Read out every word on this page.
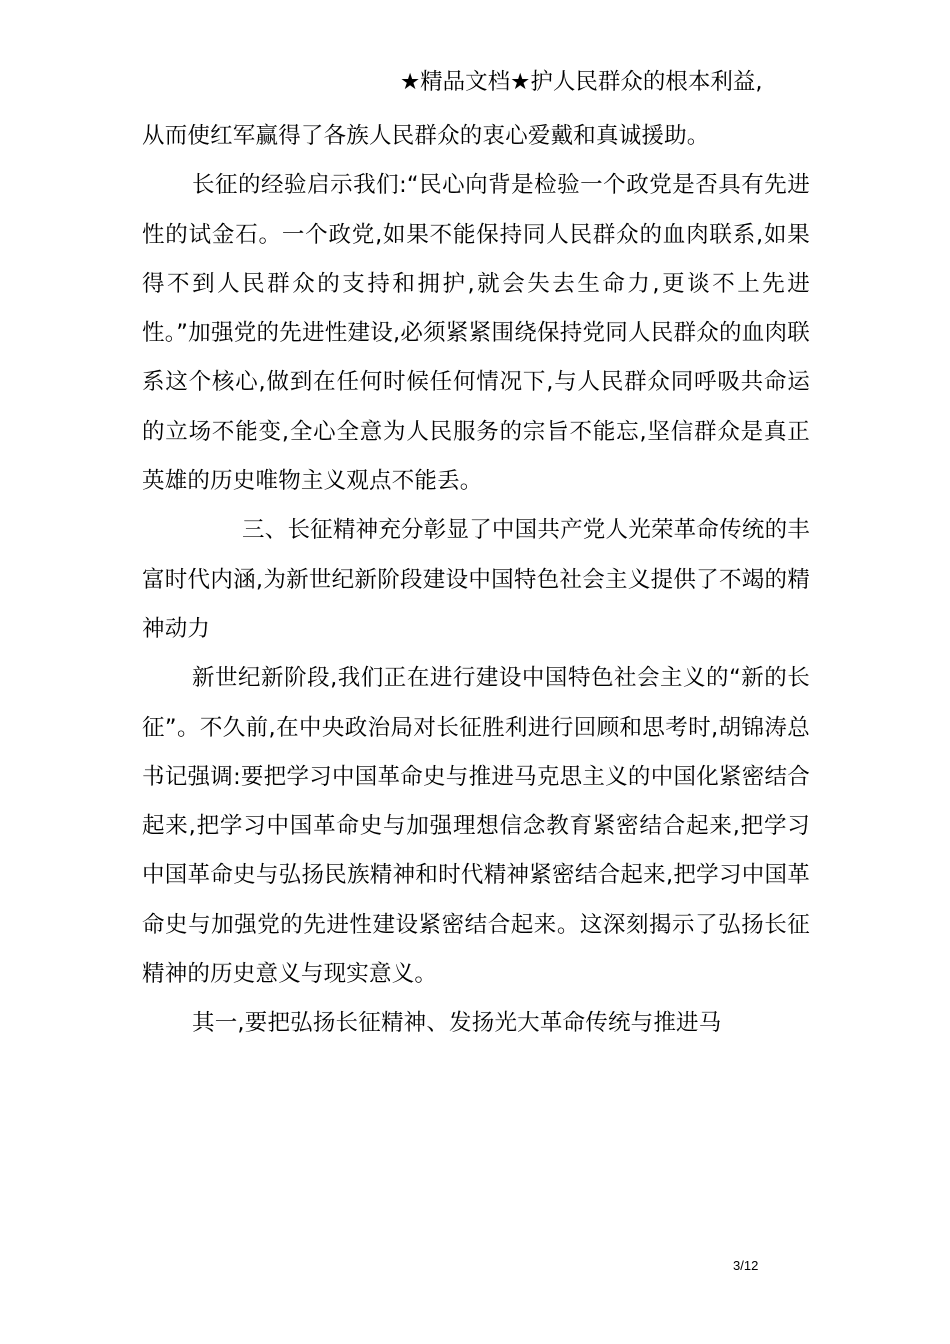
★精品文档★护人民群众的根本利益,

从而使红军赢得了各族人民群众的衷心爱戴和真诚援助。

长征的经验启示我们:“民心向背是检验一个政党是否具有先进性的试金石。一个政党,如果不能保持同人民群众的血肉联系,如果得不到人民群众的支持和拥护,就会失去生命力,更谈不上先进性。”加强党的先进性建设,必须紧紧围绕保持党同人民群众的血肉联系这个核心,做到在任何时候任何情况下,与人民群众同呼吸共命运的立场不能变,全心全意为人民服务的宗旨不能忘,坚信群众是真正英雄的历史唯物主义观点不能丢。

三、长征精神充分彰显了中国共产党人光荣革命传统的丰富时代内涵,为新世纪新阶段建设中国特色社会主义提供了不竭的精神动力

新世纪新阶段,我们正在进行建设中国特色社会主义的“新的长征”。不久前,在中央政治局对长征胜利进行回顾和思考时,胡锦涛总书记强调:要把学习中国革命史与推进马克思主义的中国化紧密结合起来,把学习中国革命史与加强理想信念教育紧密结合起来,把学习中国革命史与弘扬民族精神和时代精神紧密结合起来,把学习中国革命史与加强党的先进性建设紧密结合起来。这深刻揭示了弘扬长征精神的历史意义与现实意义。

其一,要把弘扬长征精神、发扬光大革命传统与推进马

3/12
